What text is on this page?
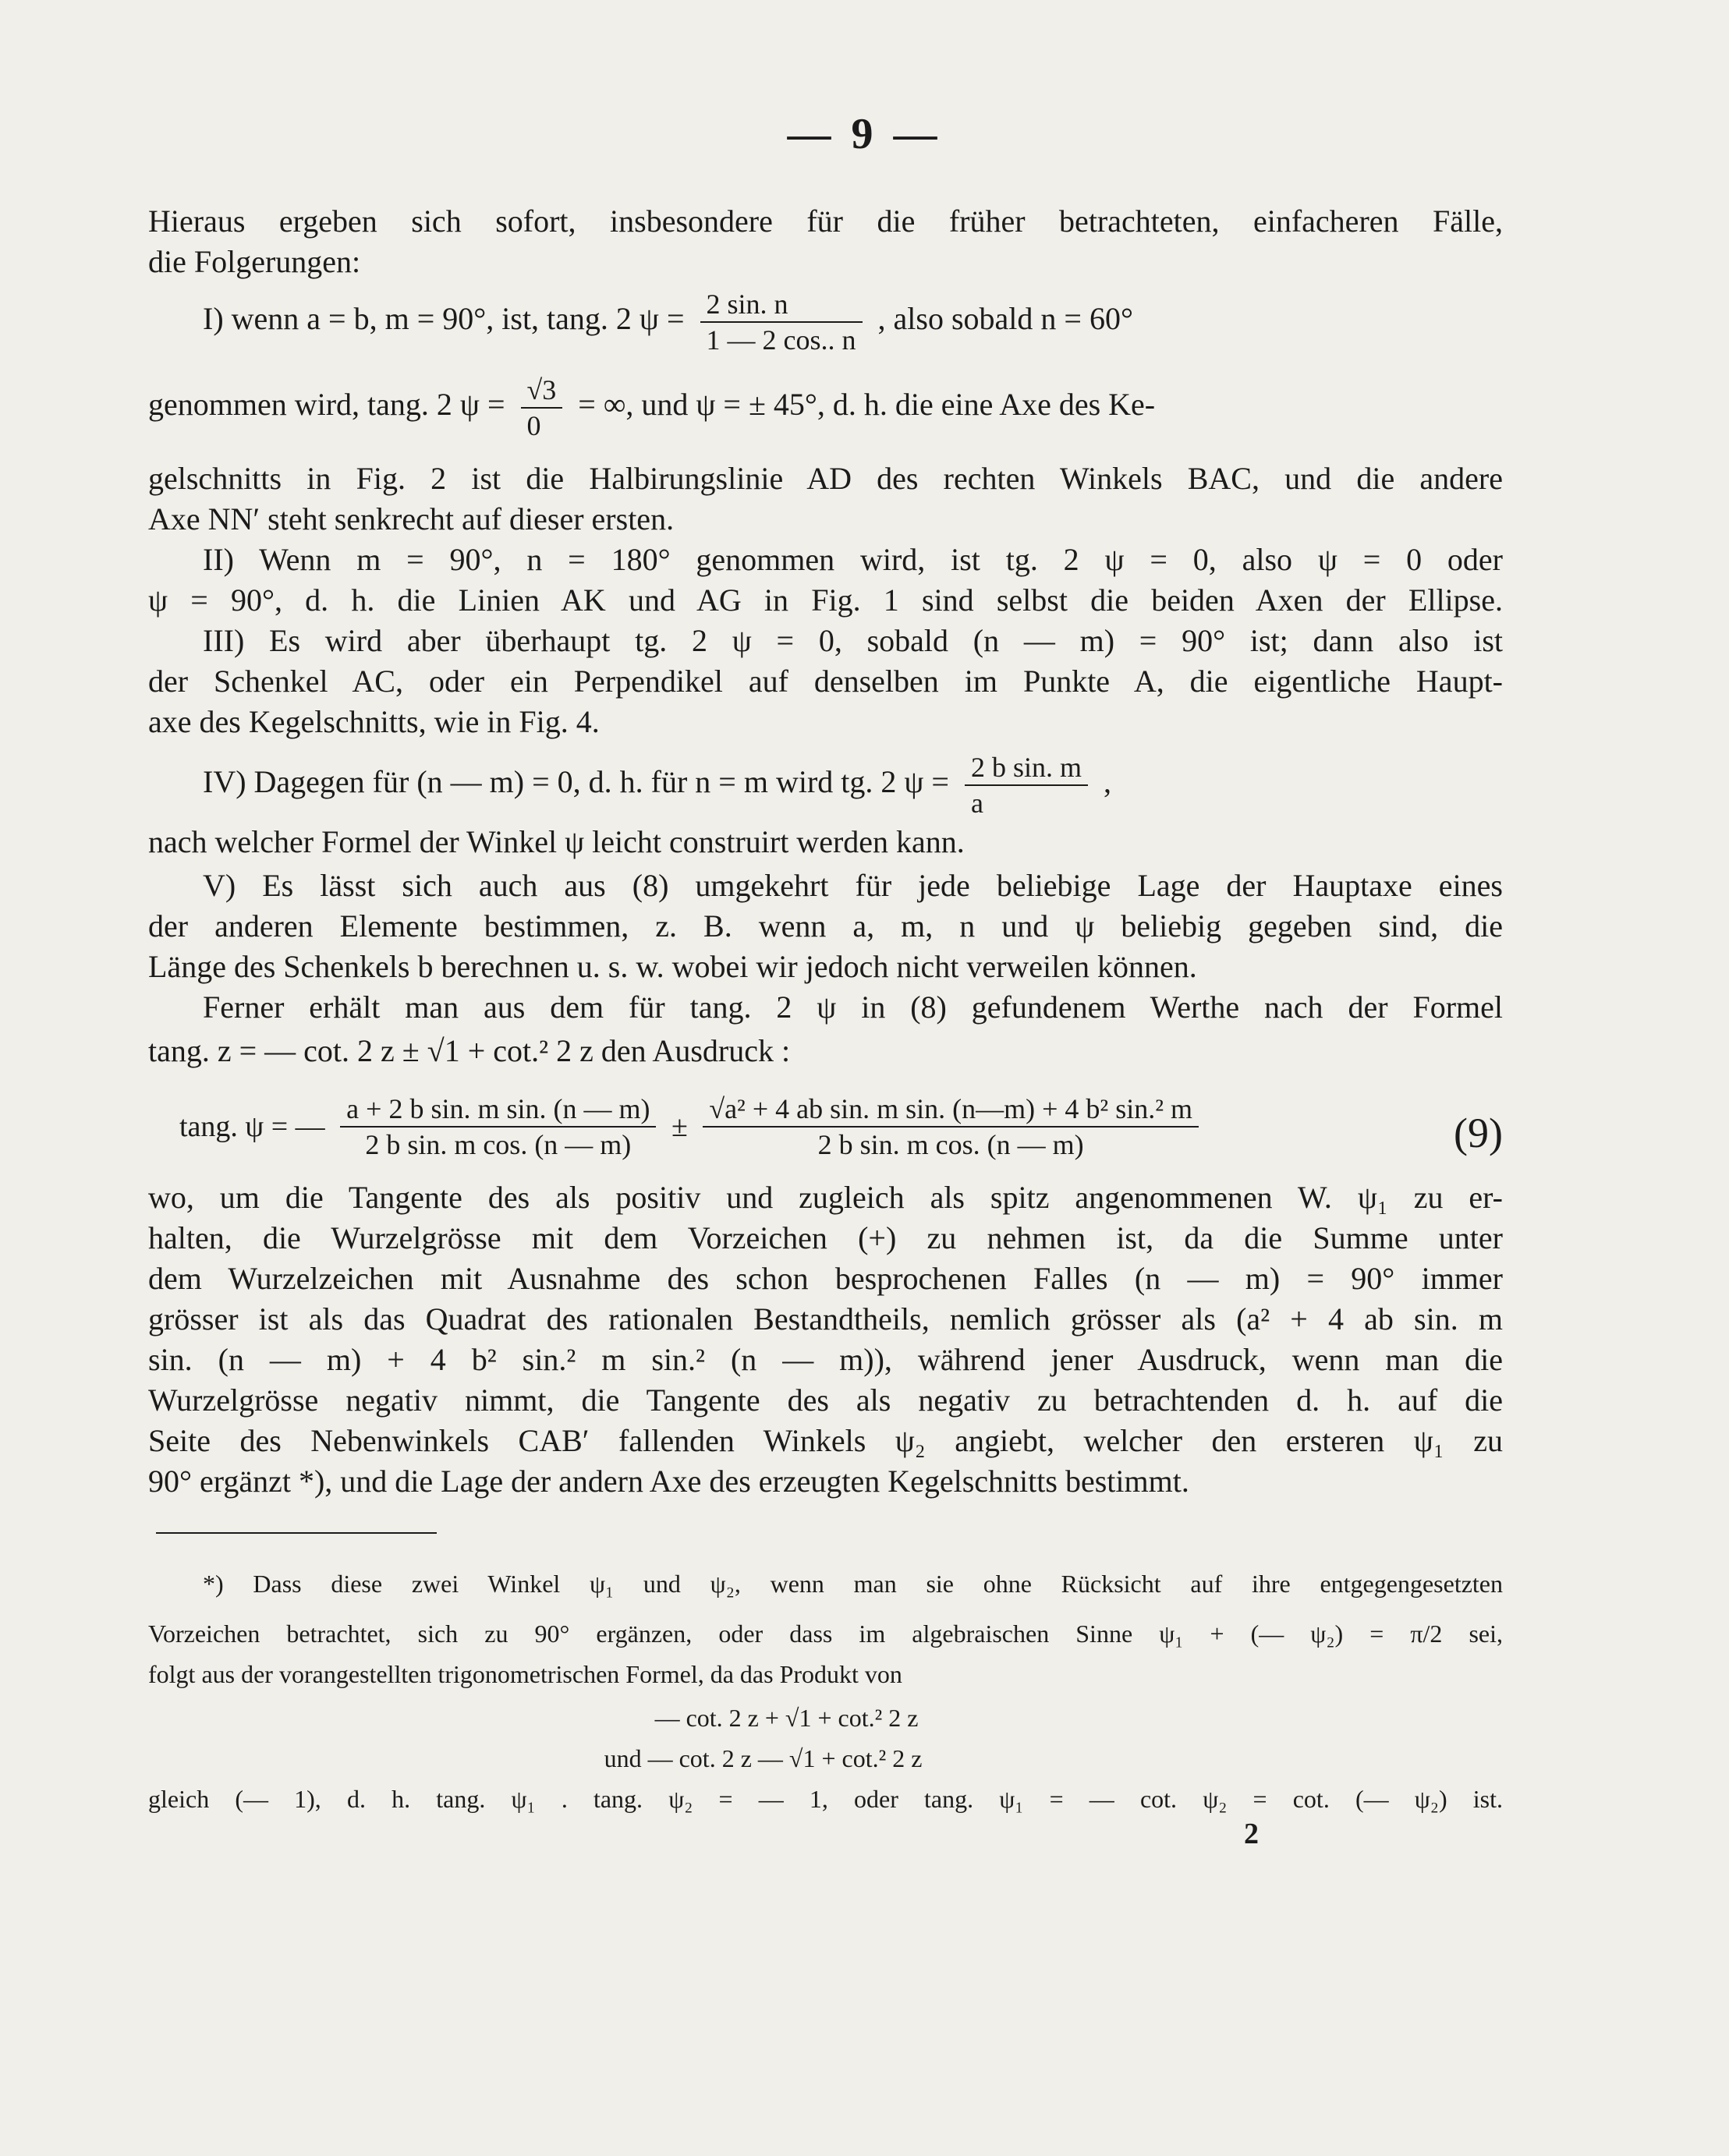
— 9 —
Hieraus ergeben sich sofort, insbesondere für die früher betrachteten, einfacheren Fälle,
die Folgerungen:
I) wenn a = b, m = 90°, ist, tang. 2 $\psi = \frac{2 \sin. n}{1 — 2 \cos.. n}$ , also sobald n = 60°
genommen wird, tang. 2 $\psi = \frac{√3}{0}$ = ∞, und ψ = ± 45°, d. h. die eine Axe des Ke-
gelschnitts in Fig. 2 ist die Halbirungslinie AD des rechten Winkels BAC, und die andere
Axe NN′ steht senkrecht auf dieser ersten.
II) Wenn m = 90°, n = 180° genommen wird, ist tg. 2 ψ = 0, also ψ = 0 oder
ψ = 90°, d. h. die Linien AK und AG in Fig. 1 sind selbst die beiden Axen der Ellipse.
III) Es wird aber überhaupt tg. 2 ψ = 0, sobald (n — m) = 90° ist; dann also ist
der Schenkel AC, oder ein Perpendikel auf denselben im Punkte A, die eigentliche Haupt-
axe des Kegelschnitts, wie in Fig. 4.
IV) Dagegen für (n — m) = 0, d. h. für n = m wird tg. 2 $\psi = \frac{\text{2 b sin. m}}{a}$ ,
nach welcher Formel der Winkel ψ leicht construirt werden kann.
V) Es lässt sich auch aus (8) umgekehrt für jede beliebige Lage der Hauptaxe eines
der anderen Elemente bestimmen, z. B. wenn a, m, n und ψ beliebig gegeben sind, die
Länge des Schenkels b berechnen u. s. w. wobei wir jedoch nicht verweilen können.
Ferner erhält man aus dem für tang. 2 ψ in (8) gefundenem Werthe nach der Formel
tang. z = — cot. 2 z ± √1 + cot.² 2 z den Ausdruck :
tang. ψ = — $\frac{\text{a + 2 b sin. m sin. (n — m)}}{\text{2 b sin. m cos. (n — m)}} \pm \frac{\text{√a² + 4 ab sin. m sin. (n—m) + 4 b² sin.² m}}{\text{2 b sin. m cos. (n — m)}}$	(9)
wo, um die Tangente des als positiv und zugleich als spitz angenommenen W. ψ₁ zu er-
halten, die Wurzelgrösse mit dem Vorzeichen (+) zu nehmen ist, da die Summe unter
dem Wurzelzeichen mit Ausnahme des schon besprochenen Falles (n — m) = 90° immer
grösser ist als das Quadrat des rationalen Bestandtheils, nemlich grösser als (a² + 4 ab sin. m
sin. (n — m) + 4 b² sin.² m sin.² (n — m)), während jener Ausdruck, wenn man die
Wurzelgrösse negativ nimmt, die Tangente des als negativ zu betrachtenden d. h. auf die
Seite des Nebenwinkels CAB′ fallenden Winkels ψ₂ angiebt, welcher den ersteren ψ₁ zu
90° ergänzt *), und die Lage der andern Axe des erzeugten Kegelschnitts bestimmt.
*) Dass diese zwei Winkel ψ₁ und ψ₂, wenn man sie ohne Rücksicht auf ihre entgegengesetzten
Vorzeichen betrachtet, sich zu 90° ergänzen, oder dass im algebraischen Sinne ψ₁ + (— ψ₂) = π/2 sei,
folgt aus der vorangestellten trigonometrischen Formel, da das Produkt von
— cot. 2 z + √1 + cot.² 2 z
und — cot. 2 z — √1 + cot.² 2 z
gleich (— 1), d. h. tang. ψ₁ . tang. ψ₂ = — 1, oder tang. ψ₁ = — cot. ψ₂ = cot. (— ψ₂) ist.
2
